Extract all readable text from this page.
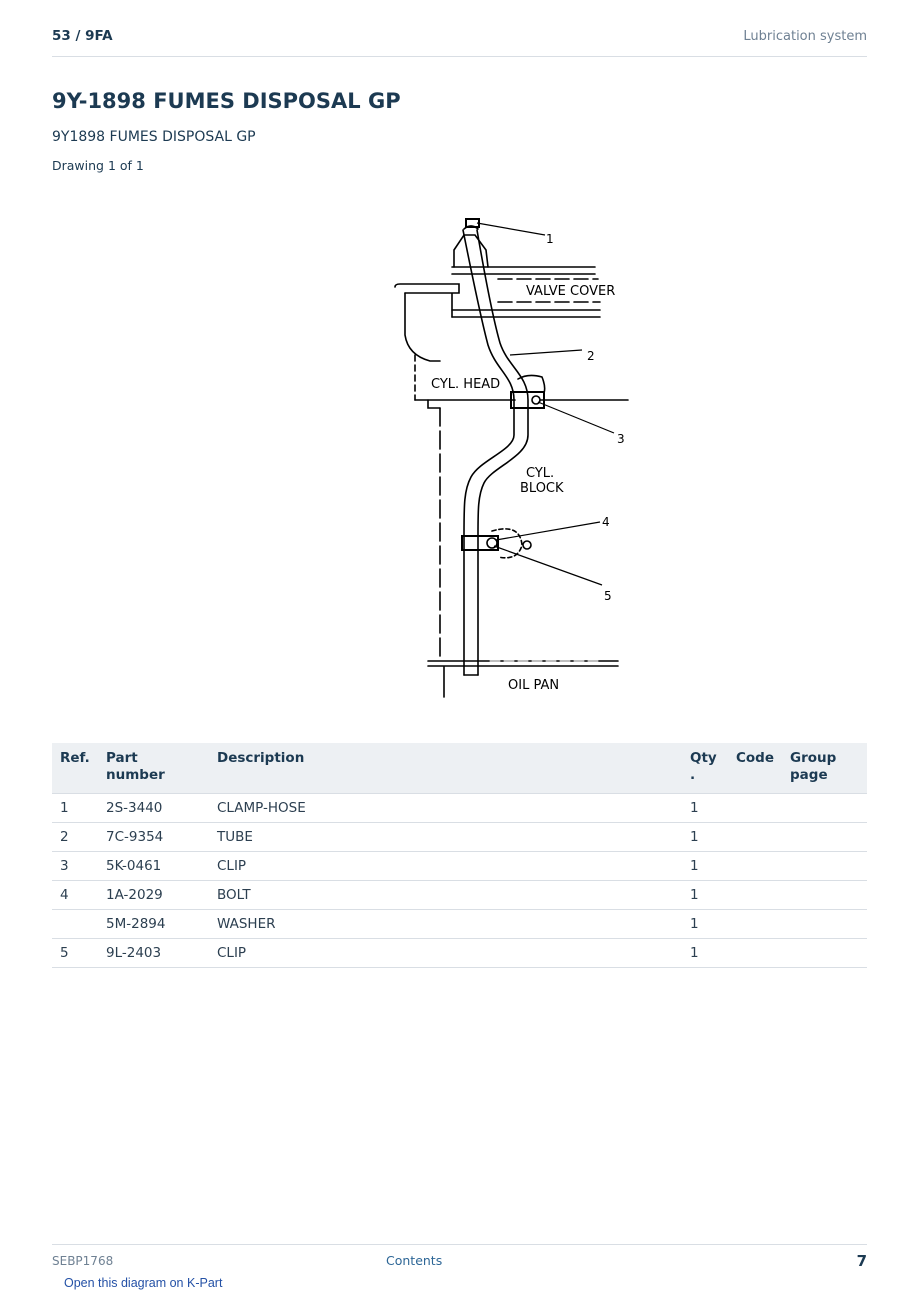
53 / 9FA	Lubrication system
9Y-1898 FUMES DISPOSAL GP
9Y1898 FUMES DISPOSAL GP
Drawing 1 of 1
1
2
3
4
5
VALVE COVER
CYL. HEAD
CYL.
BLOCK
OIL PAN
Ref.	Part number	Description	Qty .	Code	Group page
1	2S-3440	CLAMP-HOSE	1		
2	7C-9354	TUBE	1		
3	5K-0461	CLIP	1		
4	1A-2029	BOLT	1		
	5M-2894	WASHER	1		
5	9L-2403	CLIP	1		
SEBP1768	Contents	7
Open this diagram on K-Part
